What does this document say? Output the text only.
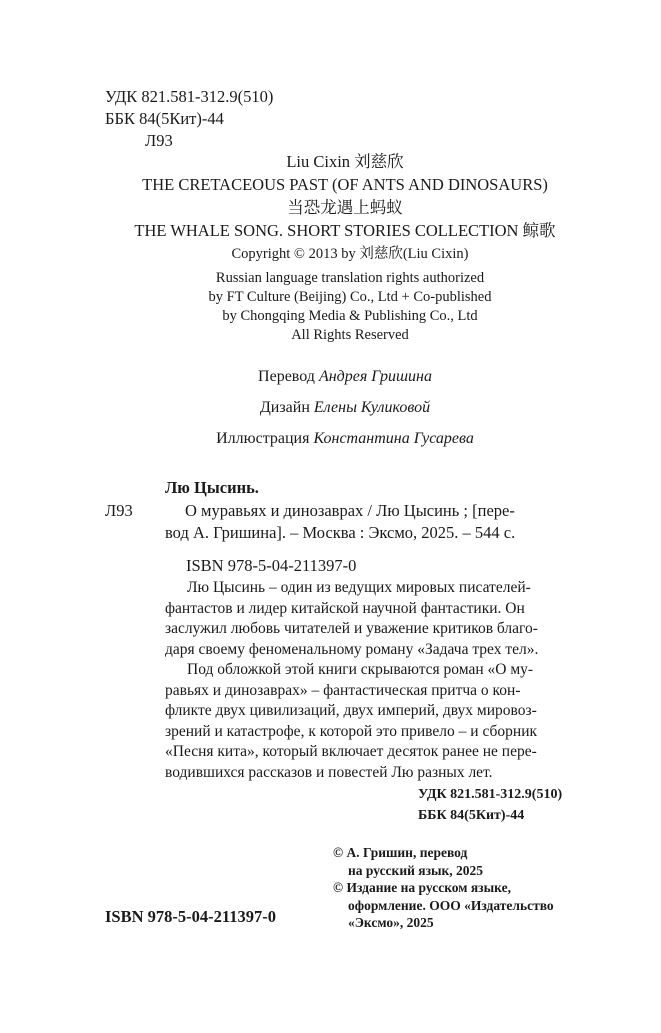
УДК 821.581-312.9(510)
ББК 84(5Кит)-44
Л93
Liu Cixin 刘慈欣
THE CRETACEOUS PAST (OF ANTS AND DINOSAURS)
当恐龙遇上蚂蚁
THE WHALE SONG. SHORT STORIES COLLECTION 鲸歌
Copyright © 2013 by 刘慈欣(Liu Cixin)
Russian language translation rights authorized
by FT Culture (Beijing) Co., Ltd + Co-published
by Chongqing Media & Publishing Co., Ltd
All Rights Reserved
Перевод Андрея Гришина
Дизайн Елены Куликовой
Иллюстрация Константина Гусарева
Лю Цысинь.
Л93	О муравьях и динозаврах / Лю Цысинь ; [пере-
вод А. Гришина]. – Москва : Эксмо, 2025. – 544 с.
ISBN 978-5-04-211397-0
Лю Цысинь – один из ведущих мировых писателей-
фантастов и лидер китайской научной фантастики. Он
заслужил любовь читателей и уважение критиков благо-
даря своему феноменальному роману «Задача трех тел».
Под обложкой этой книги скрываются роман «О му-
равьях и динозаврах» – фантастическая притча о кон-
фликте двух цивилизаций, двух империй, двух мировоз-
зрений и катастрофе, к которой это привело – и сборник
«Песня кита», который включает десяток ранее не пере-
водившихся рассказов и повестей Лю разных лет.
УДК 821.581-312.9(510)
ББК 84(5Кит)-44
© А. Гришин, перевод
на русский язык, 2025
© Издание на русском языке,
оформление. ООО «Издательство
«Эксмо», 2025
ISBN 978-5-04-211397-0
